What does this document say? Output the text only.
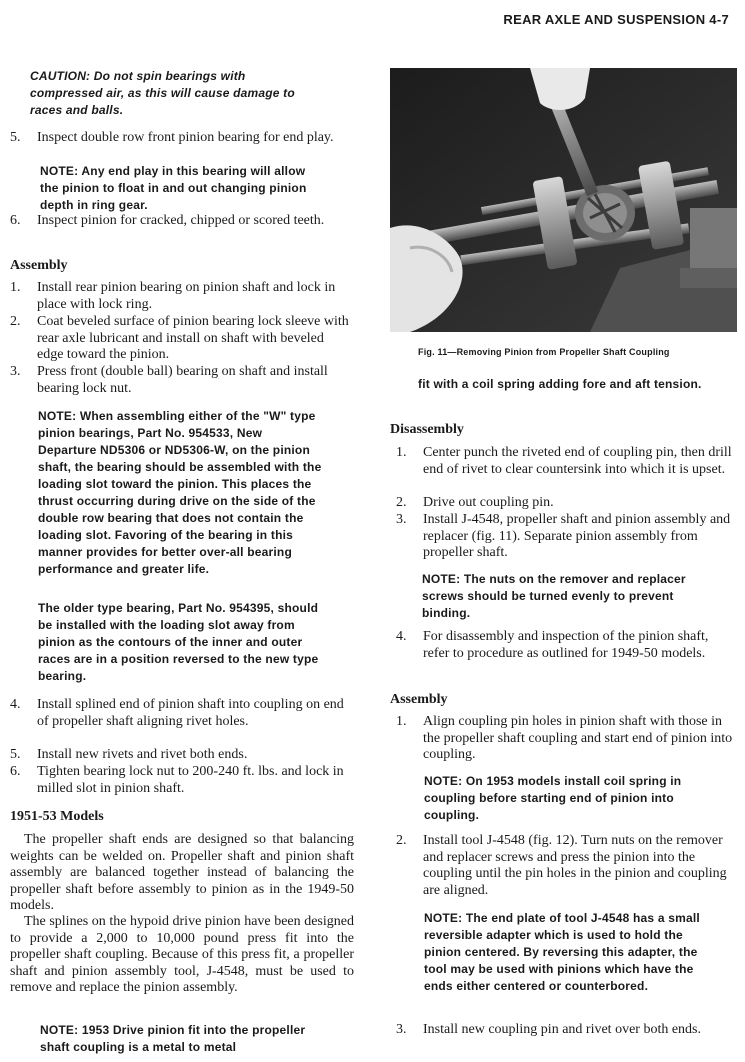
REAR AXLE AND SUSPENSION 4-7
CAUTION: Do not spin bearings with compressed air, as this will cause damage to races and balls.
5. Inspect double row front pinion bearing for end play.
NOTE: Any end play in this bearing will allow the pinion to float in and out changing pinion depth in ring gear.
6. Inspect pinion for cracked, chipped or scored teeth.
Assembly
1. Install rear pinion bearing on pinion shaft and lock in place with lock ring.
2. Coat beveled surface of pinion bearing lock sleeve with rear axle lubricant and install on shaft with beveled edge toward the pinion.
3. Press front (double ball) bearing on shaft and install bearing lock nut.
NOTE: When assembling either of the "W" type pinion bearings, Part No. 954533, New Departure ND5306 or ND5306-W, on the pinion shaft, the bearing should be assembled with the loading slot toward the pinion. This places the thrust occurring during drive on the side of the double row bearing that does not contain the loading slot. Favoring of the bearing in this manner provides for better over-all bearing performance and greater life.
The older type bearing, Part No. 954395, should be installed with the loading slot away from pinion as the contours of the inner and outer races are in a position reversed to the new type bearing.
4. Install splined end of pinion shaft into coupling on end of propeller shaft aligning rivet holes.
5. Install new rivets and rivet both ends.
6. Tighten bearing lock nut to 200-240 ft. lbs. and lock in milled slot in pinion shaft.
1951-53 Models
The propeller shaft ends are designed so that balancing weights can be welded on. Propeller shaft and pinion shaft assembly are balanced together instead of balancing the propeller shaft before assembly to pinion as in the 1949-50 models.
The splines on the hypoid drive pinion have been designed to provide a 2,000 to 10,000 pound press fit into the propeller shaft coupling. Because of this press fit, a propeller shaft and pinion assembly tool, J-4548, must be used to remove and replace the pinion assembly.
NOTE: 1953 Drive pinion fit into the propeller shaft coupling is a metal to metal
Fig. 11—Removing Pinion from Propeller Shaft Coupling
fit with a coil spring adding fore and aft tension.
Disassembly
1. Center punch the riveted end of coupling pin, then drill end of rivet to clear countersink into which it is upset.
2. Drive out coupling pin.
3. Install J-4548, propeller shaft and pinion assembly and replacer (fig. 11). Separate pinion assembly from propeller shaft.
NOTE: The nuts on the remover and replacer screws should be turned evenly to prevent binding.
4. For disassembly and inspection of the pinion shaft, refer to procedure as outlined for 1949-50 models.
Assembly
1. Align coupling pin holes in pinion shaft with those in the propeller shaft coupling and start end of pinion into coupling.
NOTE: On 1953 models install coil spring in coupling before starting end of pinion into coupling.
2. Install tool J-4548 (fig. 12). Turn nuts on the remover and replacer screws and press the pinion into the coupling until the pin holes in the pinion and coupling are aligned.
NOTE: The end plate of tool J-4548 has a small reversible adapter which is used to hold the pinion centered. By reversing this adapter, the tool may be used with pinions which have the ends either centered or counterbored.
3. Install new coupling pin and rivet over both ends.
